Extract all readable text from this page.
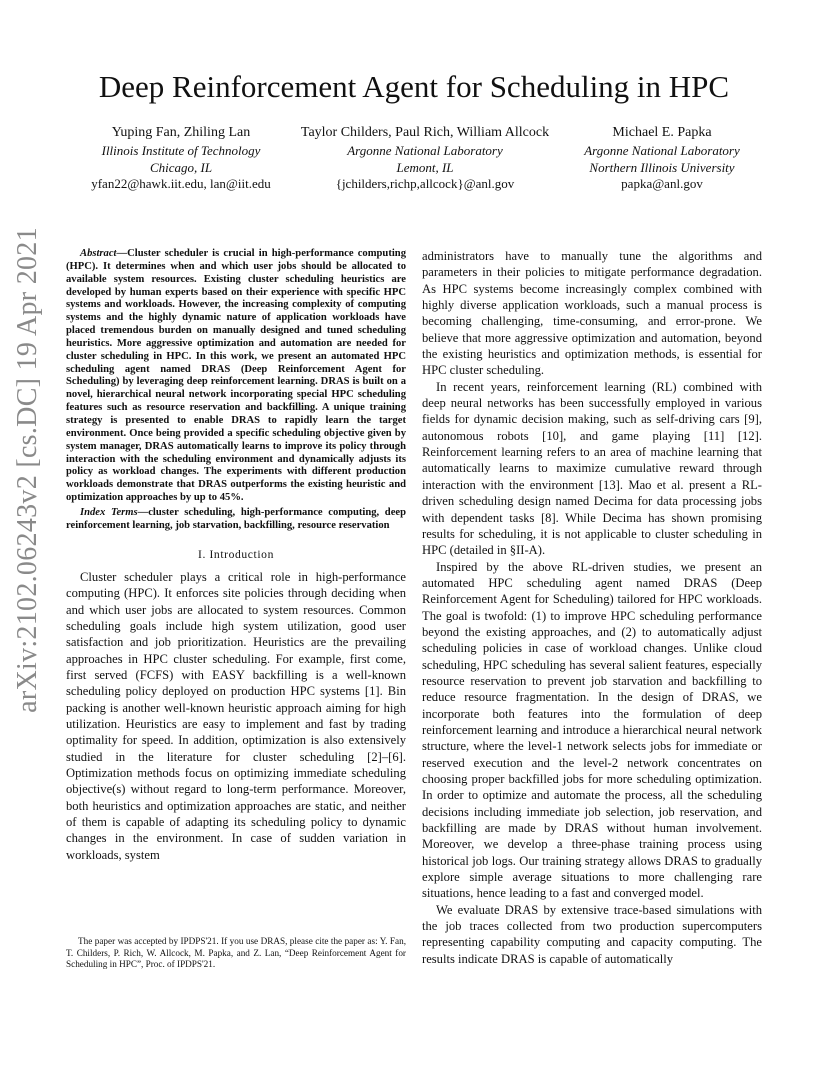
arXiv:2102.06243v2 [cs.DC] 19 Apr 2021
Deep Reinforcement Agent for Scheduling in HPC
Yuping Fan, Zhiling Lan
Illinois Institute of Technology
Chicago, IL
yfan22@hawk.iit.edu, lan@iit.edu
Taylor Childers, Paul Rich, William Allcock
Argonne National Laboratory
Lemont, IL
{jchilders,richp,allcock}@anl.gov
Michael E. Papka
Argonne National Laboratory
Northern Illinois University
papka@anl.gov
Abstract—Cluster scheduler is crucial in high-performance computing (HPC). It determines when and which user jobs should be allocated to available system resources. Existing cluster scheduling heuristics are developed by human experts based on their experience with specific HPC systems and workloads. However, the increasing complexity of computing systems and the highly dynamic nature of application workloads have placed tremendous burden on manually designed and tuned scheduling heuristics. More aggressive optimization and automation are needed for cluster scheduling in HPC. In this work, we present an automated HPC scheduling agent named DRAS (Deep Reinforcement Agent for Scheduling) by leveraging deep reinforcement learning. DRAS is built on a novel, hierarchical neural network incorporating special HPC scheduling features such as resource reservation and backfilling. A unique training strategy is presented to enable DRAS to rapidly learn the target environment. Once being provided a specific scheduling objective given by system manager, DRAS automatically learns to improve its policy through interaction with the scheduling environment and dynamically adjusts its policy as workload changes. The experiments with different production workloads demonstrate that DRAS outperforms the existing heuristic and optimization approaches by up to 45%.
Index Terms—cluster scheduling, high-performance computing, deep reinforcement learning, job starvation, backfilling, resource reservation
I. Introduction

Cluster scheduler plays a critical role in high-performance computing (HPC). It enforces site policies through deciding when and which user jobs are allocated to system resources. Common scheduling goals include high system utilization, good user satisfaction and job prioritization. Heuristics are the prevailing approaches in HPC cluster scheduling. For example, first come, first served (FCFS) with EASY backfilling is a well-known scheduling policy deployed on production HPC systems [1]. Bin packing is another well-known heuristic approach aiming for high utilization. Heuristics are easy to implement and fast by trading optimality for speed. In addition, optimization is also extensively studied in the literature for cluster scheduling [2]–[6]. Optimization methods focus on optimizing immediate scheduling objective(s) without regard to long-term performance. Moreover, both heuristics and optimization approaches are static, and neither of them is capable of adapting its scheduling policy to dynamic changes in the environment. In case of sudden variation in workloads, system

administrators have to manually tune the algorithms and parameters in their policies to mitigate performance degradation. As HPC systems become increasingly complex combined with highly diverse application workloads, such a manual process is becoming challenging, time-consuming, and error-prone. We believe that more aggressive optimization and automation, beyond the existing heuristics and optimization methods, is essential for HPC cluster scheduling.

In recent years, reinforcement learning (RL) combined with deep neural networks has been successfully employed in various fields for dynamic decision making, such as self-driving cars [9], autonomous robots [10], and game playing [11] [12]. Reinforcement learning refers to an area of machine learning that automatically learns to maximize cumulative reward through interaction with the environment [13]. Mao et al. present a RL-driven scheduling design named Decima for data processing jobs with dependent tasks [8]. While Decima has shown promising results for scheduling, it is not applicable to cluster scheduling in HPC (detailed in §II-A).

Inspired by the above RL-driven studies, we present an automated HPC scheduling agent named DRAS (Deep Reinforcement Agent for Scheduling) tailored for HPC workloads. The goal is twofold: (1) to improve HPC scheduling performance beyond the existing approaches, and (2) to automatically adjust scheduling policies in case of workload changes. Unlike cloud scheduling, HPC scheduling has several salient features, especially resource reservation to prevent job starvation and backfilling to reduce resource fragmentation. In the design of DRAS, we incorporate both features into the formulation of deep reinforcement learning and introduce a hierarchical neural network structure, where the level-1 network selects jobs for immediate or reserved execution and the level-2 network concentrates on choosing proper backfilled jobs for more scheduling optimization. In order to optimize and automate the process, all the scheduling decisions including immediate job selection, job reservation, and backfilling are made by DRAS without human involvement. Moreover, we develop a three-phase training process using historical job logs. Our training strategy allows DRAS to gradually explore simple average situations to more challenging rare situations, hence leading to a fast and converged model.

We evaluate DRAS by extensive trace-based simulations with the job traces collected from two production supercomputers representing capability computing and capacity computing. The results indicate DRAS is capable of automatically

The paper was accepted by IPDPS'21. If you use DRAS, please cite the paper as: Y. Fan, T. Childers, P. Rich, W. Allcock, M. Papka, and Z. Lan, “Deep Reinforcement Agent for Scheduling in HPC”, Proc. of IPDPS'21.
